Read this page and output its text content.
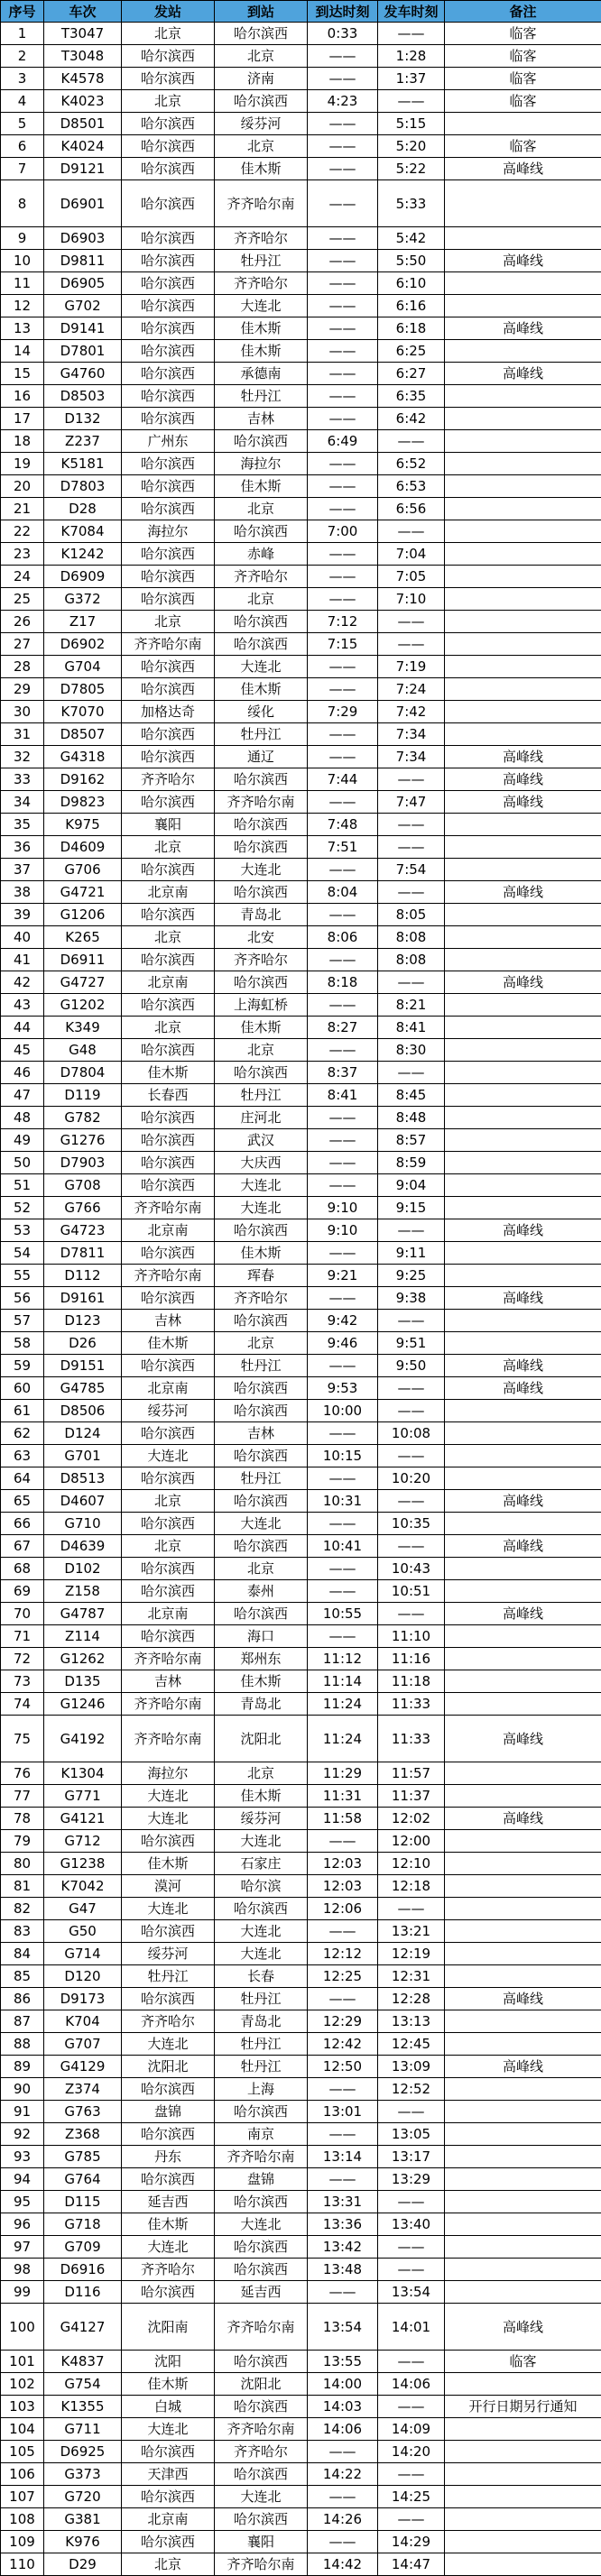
序号	车次	发站	到站	到达时刻	发车时刻	备注
1	T3047	北京	哈尔滨西	0:33	——	临客
2	T3048	哈尔滨西	北京	——	1:28	临客
3	K4578	哈尔滨西	济南	——	1:37	临客
4	K4023	北京	哈尔滨西	4:23	——	临客
5	D8501	哈尔滨西	绥芬河	——	5:15	
6	K4024	哈尔滨西	北京	——	5:20	临客
7	D9121	哈尔滨西	佳木斯	——	5:22	高峰线
8	D6901	哈尔滨西	齐齐哈尔南	——	5:33	
9	D6903	哈尔滨西	齐齐哈尔	——	5:42	
10	D9811	哈尔滨西	牡丹江	——	5:50	高峰线
11	D6905	哈尔滨西	齐齐哈尔	——	6:10	
12	G702	哈尔滨西	大连北	——	6:16	
13	D9141	哈尔滨西	佳木斯	——	6:18	高峰线
14	D7801	哈尔滨西	佳木斯	——	6:25	
15	G4760	哈尔滨西	承德南	——	6:27	高峰线
16	D8503	哈尔滨西	牡丹江	——	6:35	
17	D132	哈尔滨西	吉林	——	6:42	
18	Z237	广州东	哈尔滨西	6:49	——	
19	K5181	哈尔滨西	海拉尔	——	6:52	
20	D7803	哈尔滨西	佳木斯	——	6:53	
21	D28	哈尔滨西	北京	——	6:56	
22	K7084	海拉尔	哈尔滨西	7:00	——	
23	K1242	哈尔滨西	赤峰	——	7:04	
24	D6909	哈尔滨西	齐齐哈尔	——	7:05	
25	G372	哈尔滨西	北京	——	7:10	
26	Z17	北京	哈尔滨西	7:12	——	
27	D6902	齐齐哈尔南	哈尔滨西	7:15	——	
28	G704	哈尔滨西	大连北	——	7:19	
29	D7805	哈尔滨西	佳木斯	——	7:24	
30	K7070	加格达奇	绥化	7:29	7:42	
31	D8507	哈尔滨西	牡丹江	——	7:34	
32	G4318	哈尔滨西	通辽	——	7:34	高峰线
33	D9162	齐齐哈尔	哈尔滨西	7:44	——	高峰线
34	D9823	哈尔滨西	齐齐哈尔南	——	7:47	高峰线
35	K975	襄阳	哈尔滨西	7:48	——	
36	D4609	北京	哈尔滨西	7:51	——	
37	G706	哈尔滨西	大连北	——	7:54	
38	G4721	北京南	哈尔滨西	8:04	——	高峰线
39	G1206	哈尔滨西	青岛北	——	8:05	
40	K265	北京	北安	8:06	8:08	
41	D6911	哈尔滨西	齐齐哈尔	——	8:08	
42	G4727	北京南	哈尔滨西	8:18	——	高峰线
43	G1202	哈尔滨西	上海虹桥	——	8:21	
44	K349	北京	佳木斯	8:27	8:41	
45	G48	哈尔滨西	北京	——	8:30	
46	D7804	佳木斯	哈尔滨西	8:37	——	
47	D119	长春西	牡丹江	8:41	8:45	
48	G782	哈尔滨西	庄河北	——	8:48	
49	G1276	哈尔滨西	武汉	——	8:57	
50	D7903	哈尔滨西	大庆西	——	8:59	
51	G708	哈尔滨西	大连北	——	9:04	
52	G766	齐齐哈尔南	大连北	9:10	9:15	
53	G4723	北京南	哈尔滨西	9:10	——	高峰线
54	D7811	哈尔滨西	佳木斯	——	9:11	
55	D112	齐齐哈尔南	珲春	9:21	9:25	
56	D9161	哈尔滨西	齐齐哈尔	——	9:38	高峰线
57	D123	吉林	哈尔滨西	9:42	——	
58	D26	佳木斯	北京	9:46	9:51	
59	D9151	哈尔滨西	牡丹江	——	9:50	高峰线
60	G4785	北京南	哈尔滨西	9:53	——	高峰线
61	D8506	绥芬河	哈尔滨西	10:00	——	
62	D124	哈尔滨西	吉林	——	10:08	
63	G701	大连北	哈尔滨西	10:15	——	
64	D8513	哈尔滨西	牡丹江	——	10:20	
65	D4607	北京	哈尔滨西	10:31	——	高峰线
66	G710	哈尔滨西	大连北	——	10:35	
67	D4639	北京	哈尔滨西	10:41	——	高峰线
68	D102	哈尔滨西	北京	——	10:43	
69	Z158	哈尔滨西	泰州	——	10:51	
70	G4787	北京南	哈尔滨西	10:55	——	高峰线
71	Z114	哈尔滨西	海口	——	11:10	
72	G1262	齐齐哈尔南	郑州东	11:12	11:16	
73	D135	吉林	佳木斯	11:14	11:18	
74	G1246	齐齐哈尔南	青岛北	11:24	11:33	
75	G4192	齐齐哈尔南	沈阳北	11:24	11:33	高峰线
76	K1304	海拉尔	北京	11:29	11:57	
77	G771	大连北	佳木斯	11:31	11:37	
78	G4121	大连北	绥芬河	11:58	12:02	高峰线
79	G712	哈尔滨西	大连北	——	12:00	
80	G1238	佳木斯	石家庄	12:03	12:10	
81	K7042	漠河	哈尔滨	12:03	12:18	
82	G47	大连北	哈尔滨西	12:06	——	
83	G50	哈尔滨西	大连北	——	13:21	
84	G714	绥芬河	大连北	12:12	12:19	
85	D120	牡丹江	长春	12:25	12:31	
86	D9173	哈尔滨西	牡丹江	——	12:28	高峰线
87	K704	齐齐哈尔	青岛北	12:29	13:13	
88	G707	大连北	牡丹江	12:42	12:45	
89	G4129	沈阳北	牡丹江	12:50	13:09	高峰线
90	Z374	哈尔滨西	上海	——	12:52	
91	G763	盘锦	哈尔滨西	13:01	——	
92	Z368	哈尔滨西	南京	——	13:05	
93	G785	丹东	齐齐哈尔南	13:14	13:17	
94	G764	哈尔滨西	盘锦	——	13:29	
95	D115	延吉西	哈尔滨西	13:31	——	
96	G718	佳木斯	大连北	13:36	13:40	
97	G709	大连北	哈尔滨西	13:42	——	
98	D6916	齐齐哈尔	哈尔滨西	13:48	——	
99	D116	哈尔滨西	延吉西	——	13:54	
100	G4127	沈阳南	齐齐哈尔南	13:54	14:01	高峰线
101	K4837	沈阳	哈尔滨西	13:55	——	临客
102	G754	佳木斯	沈阳北	14:00	14:06	
103	K1355	白城	哈尔滨西	14:03	——	开行日期另行通知
104	G711	大连北	齐齐哈尔南	14:06	14:09	
105	D6925	哈尔滨西	齐齐哈尔	——	14:20	
106	G373	天津西	哈尔滨西	14:22	——	
107	G720	哈尔滨西	大连北	——	14:25	
108	G381	北京南	哈尔滨西	14:26	——	
109	K976	哈尔滨西	襄阳	——	14:29	
110	D29	北京	齐齐哈尔南	14:42	14:47	
